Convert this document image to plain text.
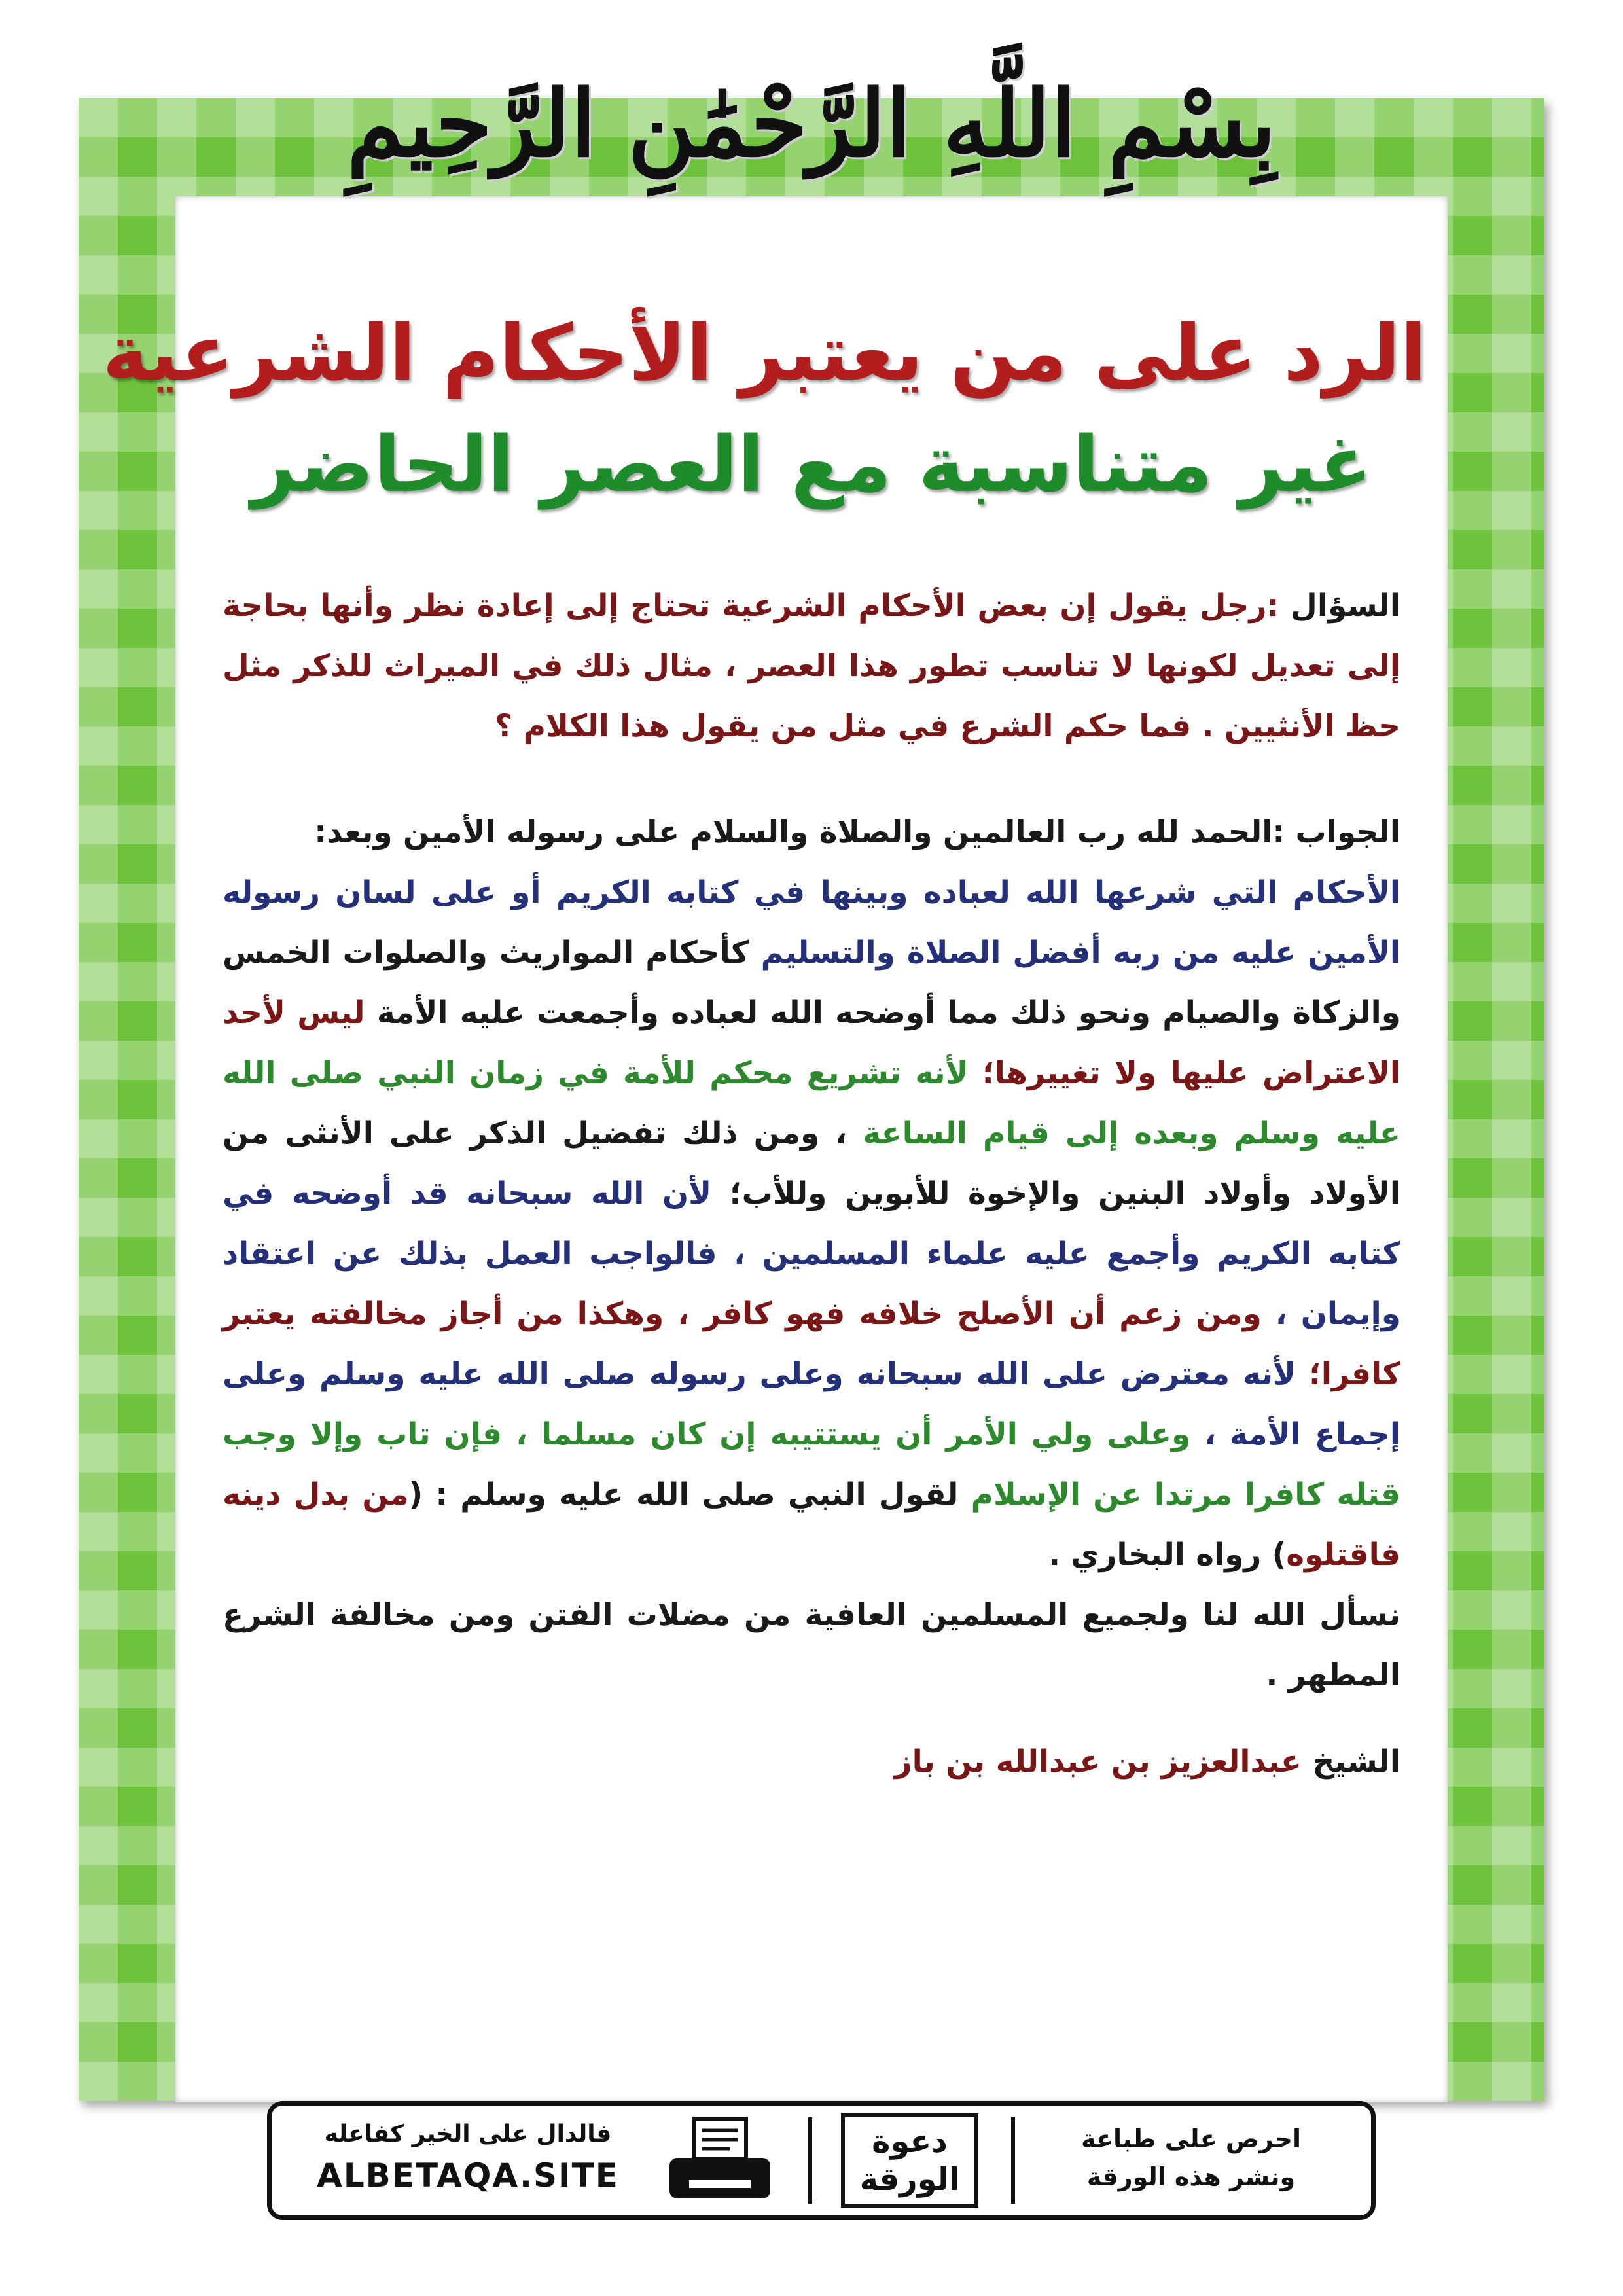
بِسْمِ اللَّهِ الرَّحْمَٰنِ الرَّحِيمِ
الرد على من يعتبر الأحكام الشرعية
غير متناسبة مع العصر الحاضر

السؤال :رجل يقول إن بعض الأحكام الشرعية تحتاج إلى إعادة نظر وأنها بحاجة إلى تعديل لكونها لا تناسب تطور هذا العصر ، مثال ذلك في الميراث للذكر مثل حظ الأنثيين . فما حكم الشرع في مثل من يقول هذا الكلام ؟

الجواب :الحمد لله رب العالمين والصلاة والسلام على رسوله الأمين وبعد:
الأحكام التي شرعها الله لعباده وبينها في كتابه الكريم أو على لسان رسوله الأمين عليه من ربه أفضل الصلاة والتسليم كأحكام المواريث والصلوات الخمس والزكاة والصيام ونحو ذلك مما أوضحه الله لعباده وأجمعت عليه الأمة ليس لأحد الاعتراض عليها ولا تغييرها؛ لأنه تشريع محكم للأمة في زمان النبي صلى الله عليه وسلم وبعده إلى قيام الساعة ، ومن ذلك تفضيل الذكر على الأنثى من الأولاد وأولاد البنين والإخوة للأبوين وللأب؛ لأن الله سبحانه قد أوضحه في كتابه الكريم وأجمع عليه علماء المسلمين ، فالواجب العمل بذلك عن اعتقاد وإيمان ، ومن زعم أن الأصلح خلافه فهو كافر ، وهكذا من أجاز مخالفته يعتبر كافرا؛ لأنه معترض على الله سبحانه وعلى رسوله صلى الله عليه وسلم وعلى إجماع الأمة ، وعلى ولي الأمر أن يستتيبه إن كان مسلما ، فإن تاب وإلا وجب قتله كافرا مرتدا عن الإسلام لقول النبي صلى الله عليه وسلم : (من بدل دينه فاقتلوه) رواه البخاري .

نسأل الله لنا ولجميع المسلمين العافية من مضلات الفتن ومن مخالفة الشرع المطهر .

الشيخ عبدالعزيز بن عبدالله بن باز

فالدال على الخير كفاعله
ALBETAQA.SITE
دعوة
الورقة
احرص على طباعة
ونشر هذه الورقة
